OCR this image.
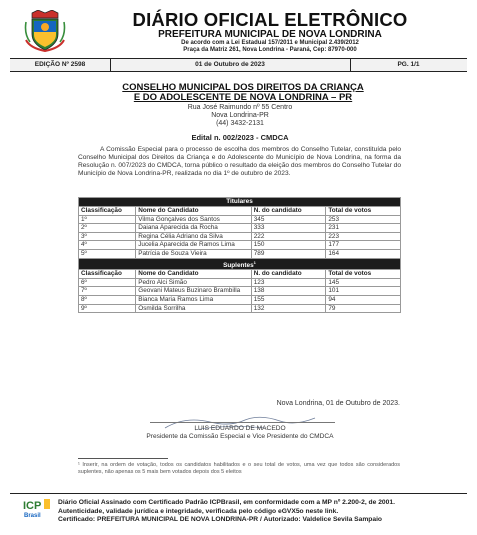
DIÁRIO OFICIAL ELETRÔNICO
PREFEITURA MUNICIPAL DE NOVA LONDRINA
De acordo com a Lei Estadual 157/2011 e Municipal 2.439/2012
Praça da Matriz 261, Nova Londrina - Paraná, Cep: 87970-000
EDIÇÃO Nº 2598	01 de Outubro de 2023	PG. 1/1
CONSELHO MUNICIPAL DOS DIREITOS DA CRIANÇA
E DO ADOLESCENTE DE NOVA LONDRINA – PR
Rua José Raimundo nº 55 Centro
Nova Londrina-PR
(44) 3432-2131
Edital n. 002/2023 - CMDCA
A Comissão Especial para o processo de escolha dos membros do Conselho Tutelar, constituída pelo Conselho Municipal dos Direitos da Criança e do Adolescente do Município de Nova Londrina, na forma da Resolução n. 007/2023 do CMDCA, torna público o resultado da eleição dos membros do Conselho Tutelar do Município de Nova Londrina-PR, realizada no dia 1º de outubro de 2023.
Titulares			
Classificação	Nome do Candidato	N. do candidato	Total de votos
1º	Vilma Gonçalves dos Santos	345	253
2º	Daiana Aparecida da Rocha	333	231
3º	Regina Célia Adriano da Silva	222	223
4º	Jucelia Aparecida de Ramos Lima	150	177
5º	Patrícia de Souza Vieira	789	164
Suplentes$^1$
Classificação	Nome do Candidato	N. do candidato	Total de votos
6º	Pedro Alci Simão	123	145
7º	Geovani Mateus Buzinaro Brambilla	138	101
8º	Bianca Maria Ramos Lima	155	94
9º	Osmilda Sorrilha	132	79
Nova Londrina, 01 de Outubro de 2023.
LUIS EDUARDO DE MACEDO
Presidente da Comissão Especial e Vice Presidente do CMDCA
¹ Inserir, na ordem de votação, todos os candidatos habilitados e o seu total de votos, uma vez que todos são considerados suplentes, não apenas os 5 mais bem votados depois dos 5 eleitos
ICP
Brasil
Diário Oficial Assinado com Certificado Padrão ICPBrasil, em conformidade com a MP nº 2.200-2, de 2001.
Autenticidade, validade jurídica e integridade, verificada pelo código eGVX5o neste link.
Certificado: PREFEITURA MUNICIPAL DE NOVA LONDRINA-PR / Autorizado: Valdelice Sevila Sampaio
